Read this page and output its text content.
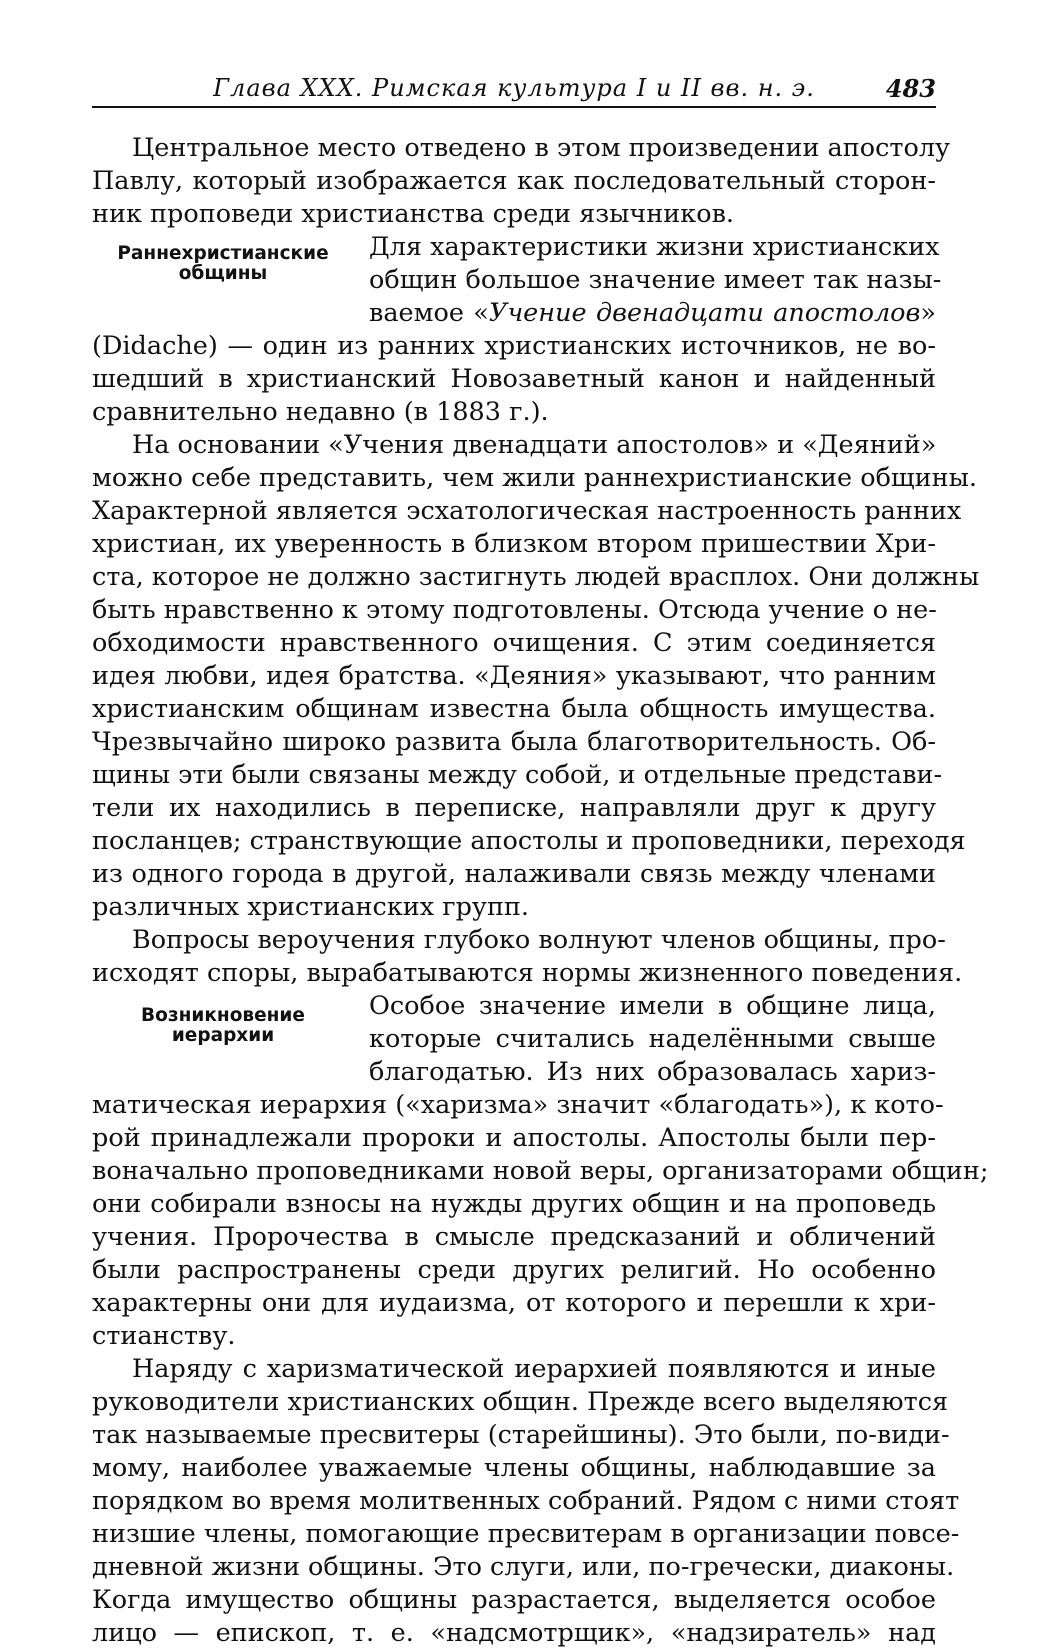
Глава XXX. Римская культура I и II вв. н. э.	483
Центральное место отведено в этом произведении апостолу
Павлу, который изображается как последовательный сторон-
ник проповеди христианства среди язычников.
Раннехристианские
общины
Для характеристики жизни христианских
общин большое значение имеет так назы-
ваемое «Учение двенадцати апостолов»
(Didache) — один из ранних христианских источников, не во-
шедший в христианский Новозаветный канон и найденный
сравнительно недавно (в 1883 г.).
На основании «Учения двенадцати апостолов» и «Деяний»
можно себе представить, чем жили раннехристианские общины.
Характерной является эсхатологическая настроенность ранних
христиан, их уверенность в близком втором пришествии Хри-
ста, которое не должно застигнуть людей врасплох. Они должны
быть нравственно к этому подготовлены. Отсюда учение о не-
обходимости нравственного очищения. С этим соединяется
идея любви, идея братства. «Деяния» указывают, что ранним
христианским общинам известна была общность имущества.
Чрезвычайно широко развита была благотворительность. Об-
щины эти были связаны между собой, и отдельные представи-
тели их находились в переписке, направляли друг к другу
посланцев; странствующие апостолы и проповедники, переходя
из одного города в другой, налаживали связь между членами
различных христианских групп.
Вопросы вероучения глубоко волнуют членов общины, про-
исходят споры, вырабатываются нормы жизненного поведения.
Возникновение
иерархии
Особое значение имели в общине лица,
которые считались наделёнными свыше
благодатью. Из них образовалась хариз-
матическая иерархия («харизма» значит «благодать»), к кото-
рой принадлежали пророки и апостолы. Апостолы были пер-
воначально проповедниками новой веры, организаторами общин;
они собирали взносы на нужды других общин и на проповедь
учения. Пророчества в смысле предсказаний и обличений
были распространены среди других религий. Но особенно
характерны они для иудаизма, от которого и перешли к хри-
стианству.
Наряду с харизматической иерархией появляются и иные
руководители христианских общин. Прежде всего выделяются
так называемые пресвитеры (старейшины). Это были, по-види-
мому, наиболее уважаемые члены общины, наблюдавшие за
порядком во время молитвенных собраний. Рядом с ними стоят
низшие члены, помогающие пресвитерам в организации повсе-
дневной жизни общины. Это слуги, или, по-гречески, диаконы.
Когда имущество общины разрастается, выделяется особое
лицо — епископ, т. е. «надсмотрщик», «надзиратель» над
